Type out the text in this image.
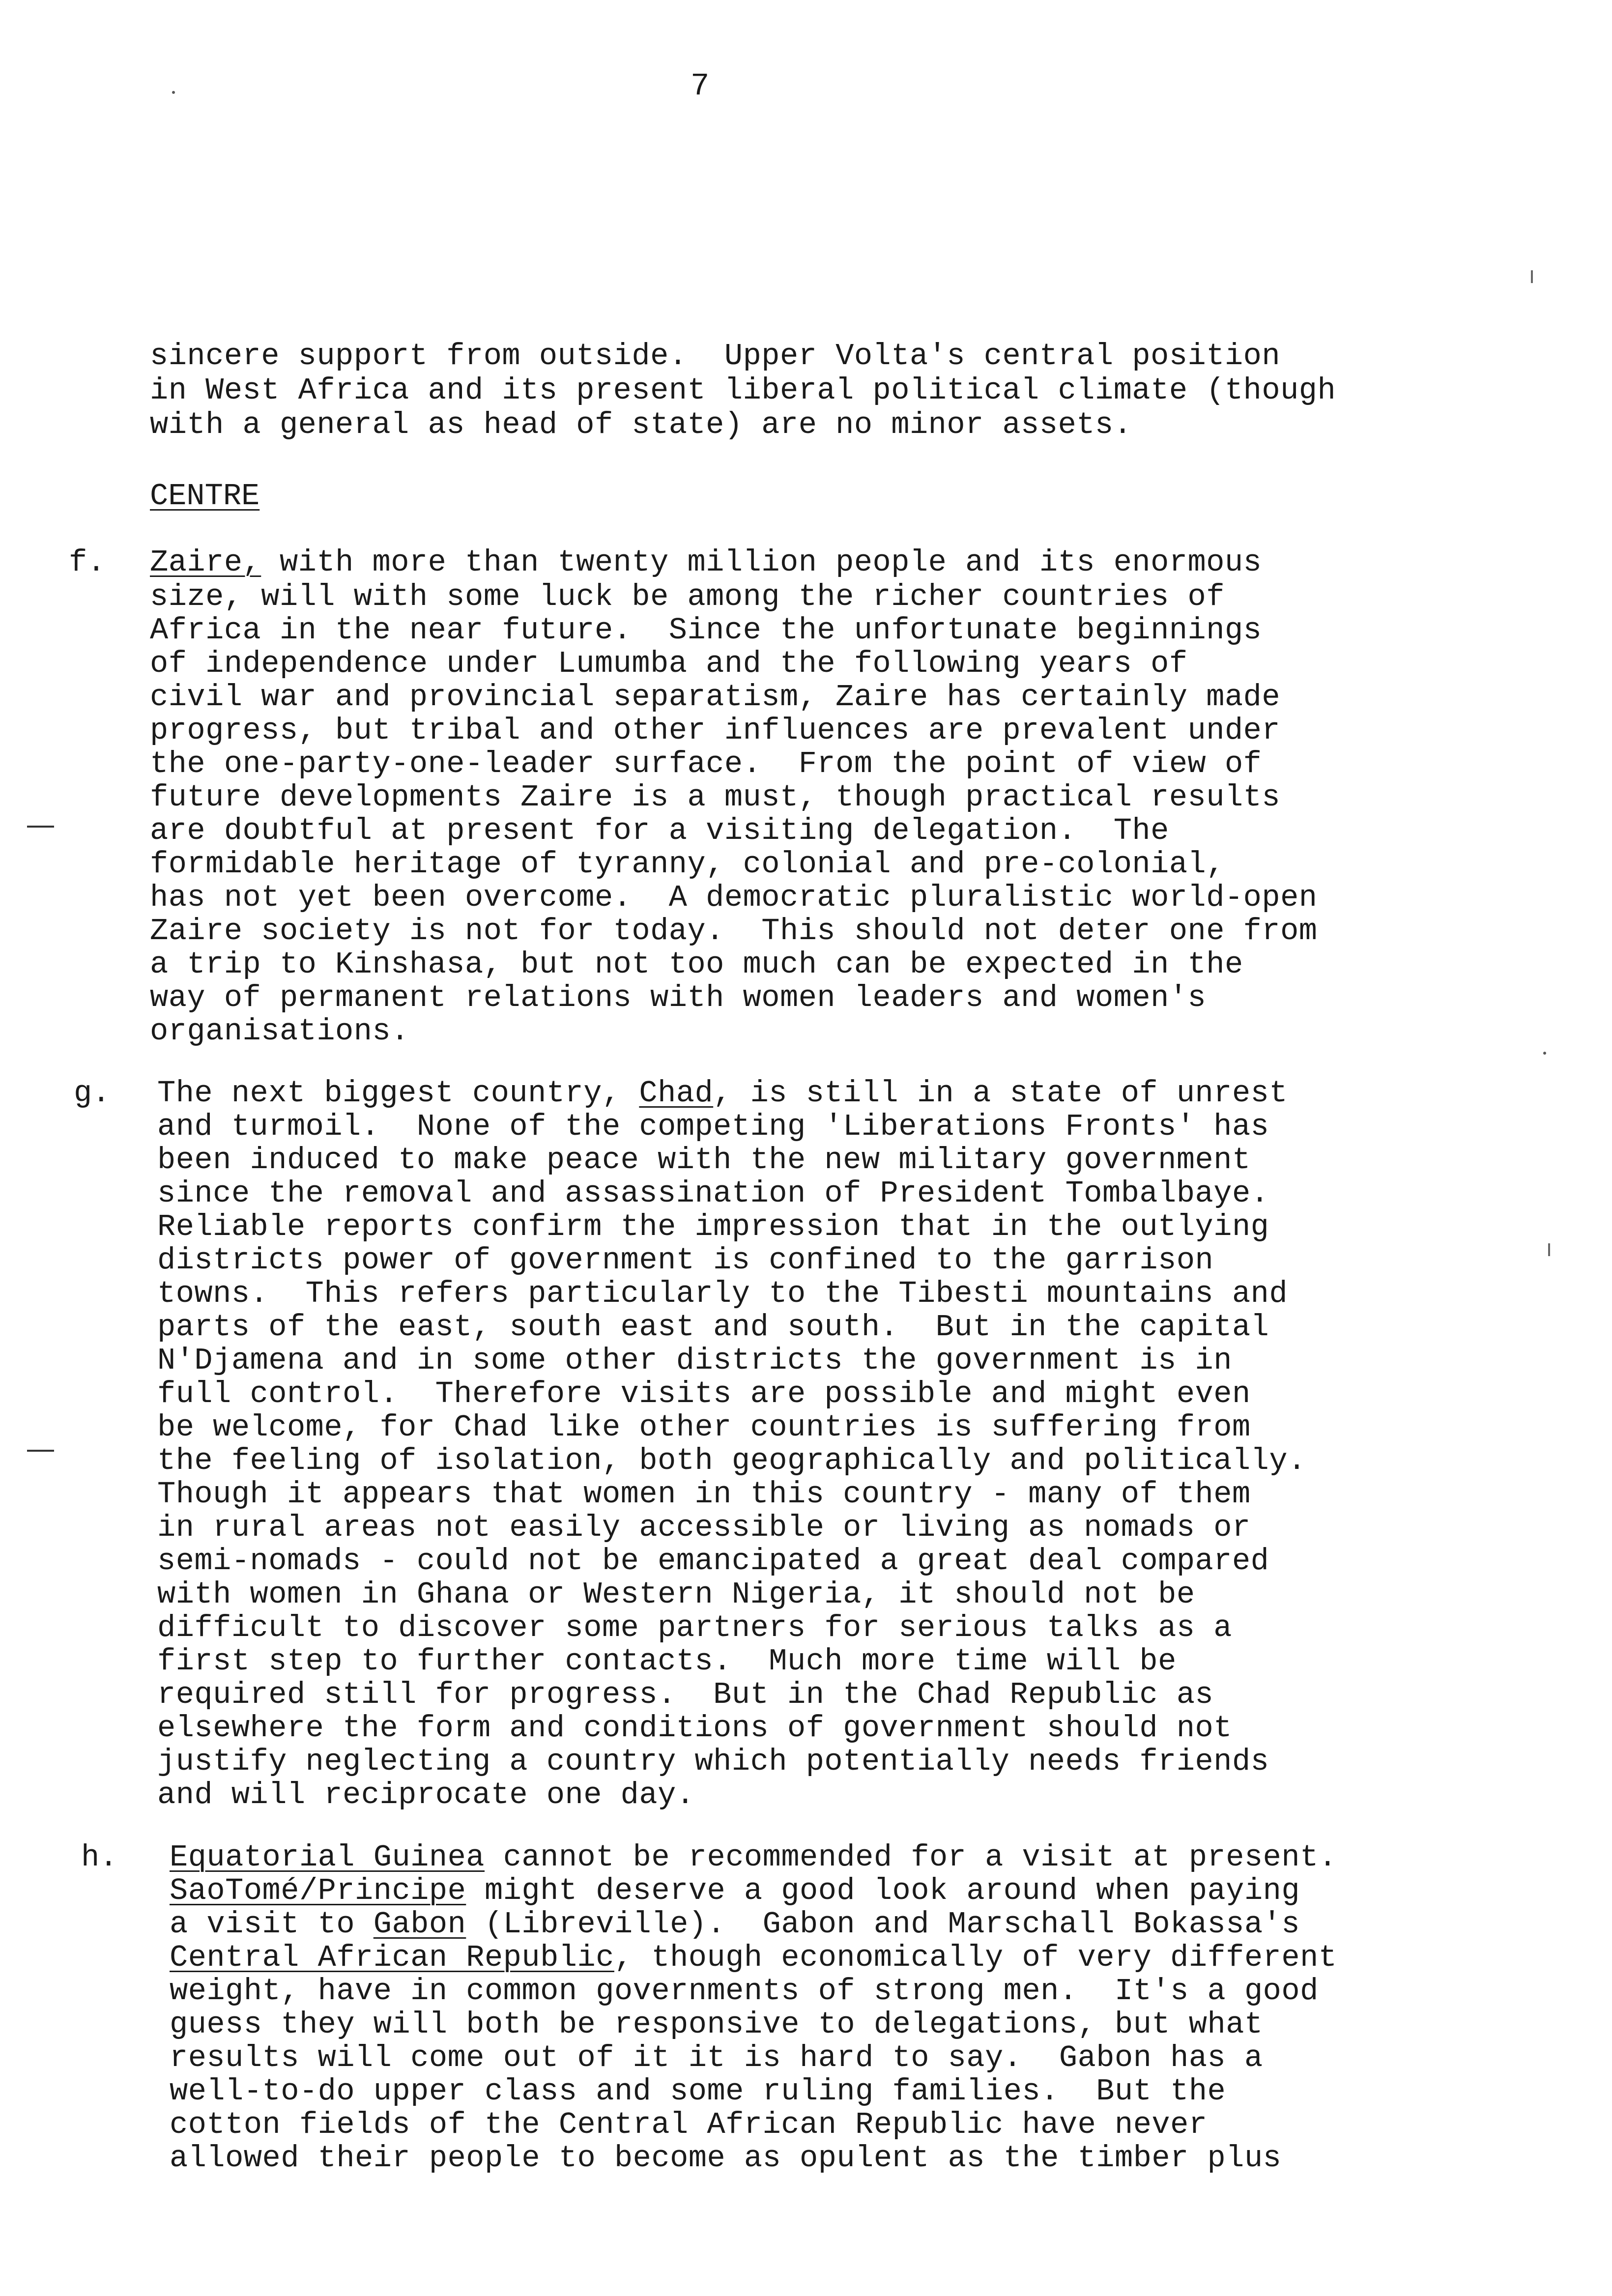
7
sincere support from outside.  Upper Volta's central position
in West Africa and its present liberal political climate (though
with a general as head of state) are no minor assets.
CENTRE
f. Zaire, with more than twenty million people and its enormous
size, will with some luck be among the richer countries of
Africa in the near future.  Since the unfortunate beginnings
of independence under Lumumba and the following years of
civil war and provincial separatism, Zaire has certainly made
progress, but tribal and other influences are prevalent under
the one-party-one-leader surface.  From the point of view of
future developments Zaire is a must, though practical results
are doubtful at present for a visiting delegation.  The
formidable heritage of tyranny, colonial and pre-colonial,
has not yet been overcome.  A democratic pluralistic world-open
Zaire society is not for today.  This should not deter one from
a trip to Kinshasa, but not too much can be expected in the
way of permanent relations with women leaders and women's
organisations.
g. The next biggest country, Chad, is still in a state of unrest
and turmoil.  None of the competing 'Liberations Fronts' has
been induced to make peace with the new military government
since the removal and assassination of President Tombalbaye.
Reliable reports confirm the impression that in the outlying
districts power of government is confined to the garrison
towns.  This refers particularly to the Tibesti mountains and
parts of the east, south east and south.  But in the capital
N'Djamena and in some other districts the government is in
full control.  Therefore visits are possible and might even
be welcome, for Chad like other countries is suffering from
the feeling of isolation, both geographically and politically.
Though it appears that women in this country - many of them
in rural areas not easily accessible or living as nomads or
semi-nomads - could not be emancipated a great deal compared
with women in Ghana or Western Nigeria, it should not be
difficult to discover some partners for serious talks as a
first step to further contacts.  Much more time will be
required still for progress.  But in the Chad Republic as
elsewhere the form and conditions of government should not
justify neglecting a country which potentially needs friends
and will reciprocate one day.
h. Equatorial Guinea cannot be recommended for a visit at present.
SaoTomé/Principe might deserve a good look around when paying
a visit to Gabon (Libreville).  Gabon and Marschall Bokassa's
Central African Republic, though economically of very different
weight, have in common governments of strong men.  It's a good
guess they will both be responsive to delegations, but what
results will come out of it it is hard to say.  Gabon has a
well-to-do upper class and some ruling families.  But the
cotton fields of the Central African Republic have never
allowed their people to become as opulent as the timber plus
